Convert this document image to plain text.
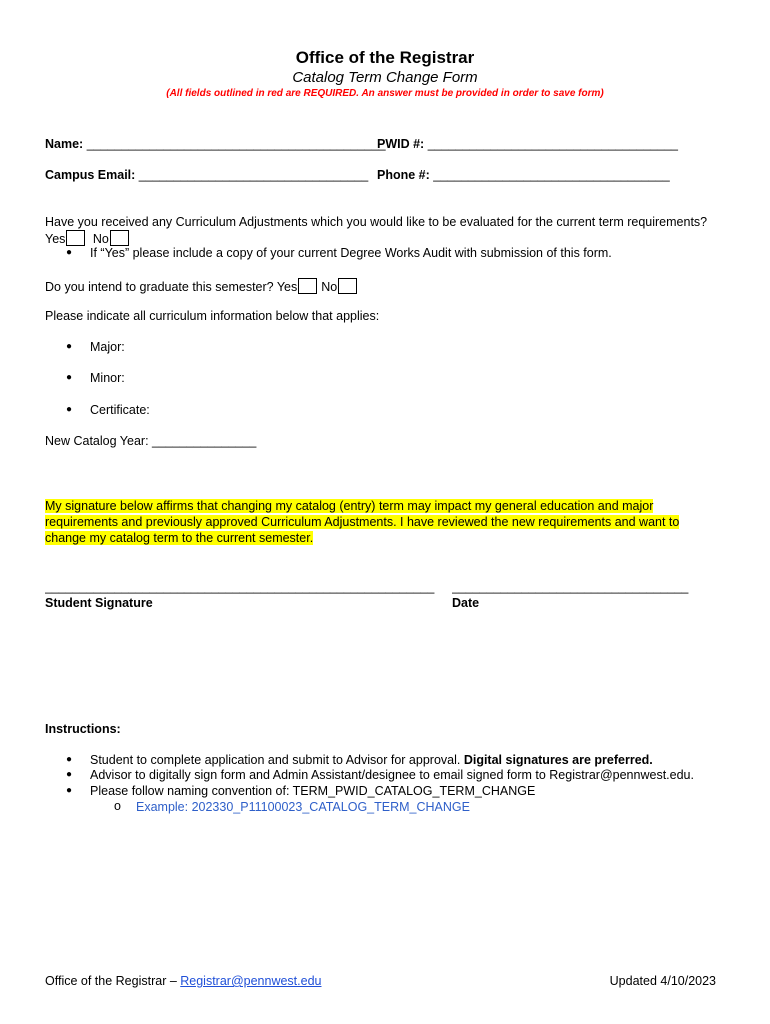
Office of the Registrar
Catalog Term Change Form
(All fields outlined in red are REQUIRED. An answer must be provided in order to save form)
Name: ___________________________________________
PWID #: ____________________________________
Campus Email: _________________________________ Phone #: __________________________________
Have you received any Curriculum Adjustments which you would like to be evaluated for the current term requirements?
Yes No
● If “Yes” please include a copy of your current Degree Works Audit with submission of this form.
Do you intend to graduate this semester? Yes No
Please indicate all curriculum information below that applies:
● Major:
● Minor:
● Certificate:
New Catalog Year: _______________
My signature below affirms that changing my catalog (entry) term may impact my general education and major
requirements and previously approved Curriculum Adjustments. I have reviewed the new requirements and want to
change my catalog term to the current semester.
________________________________________________________
Student Signature
__________________________________
Date
Instructions:
● Student to complete application and submit to Advisor for approval. Digital signatures are preferred.
● Advisor to digitally sign form and Admin Assistant/designee to email signed form to Registrar@pennwest.edu.
● Please follow naming convention of: TERM_PWID_CATALOG_TERM_CHANGE
o Example: 202330_P11100023_CATALOG_TERM_CHANGE
Office of the Registrar – Registrar@pennwest.edu	Updated 4/10/2023
